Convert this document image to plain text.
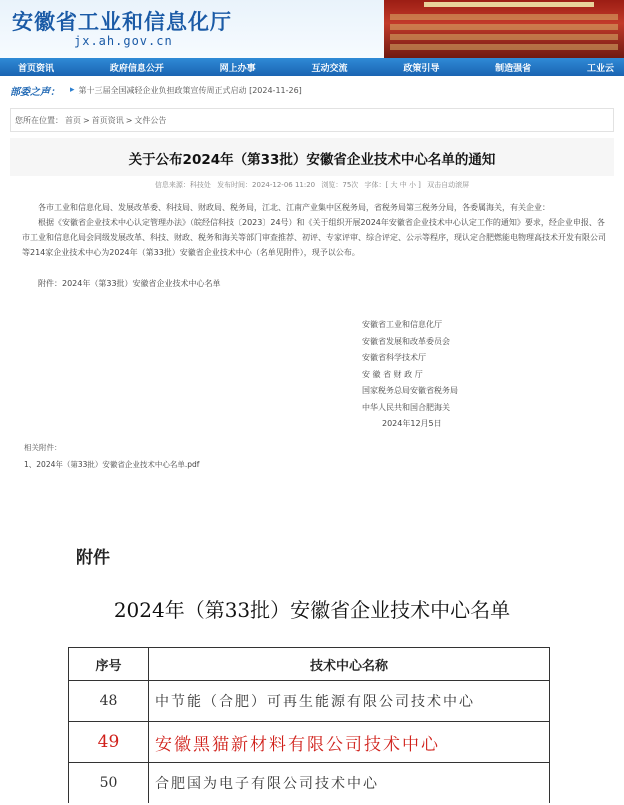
安徽省工业和信息化厅
jx.ah.gov.cn
首页资讯	政府信息公开	网上办事	互动交流	政策引导	制造强省	工业云
部委之声： ▸ 第十三届全国减轻企业负担政策宣传周正式启动 [2024-11-26]
您所在位置： 首页 > 首页资讯 > 文件公告
关于公布2024年（第33批）安徽省企业技术中心名单的通知
信息来源：科技处 发布时间：2024-12-06 11:20 浏览：75次 字体：[ 大 中 小 ] 双击自动滚屏

各市工业和信息化局、发展改革委、科技局、财政局、税务局，江北、江南产业集中区税务局，省税务局第三税务分局，各委属海关，有关企业：

根据《安徽省企业技术中心认定管理办法》（皖经信科技〔2023〕24号）和《关于组织开展2024年安徽省企业技术中心认定工作的通知》要求，经企业申报、各市工业和信息化局会同级发展改革、科技、财政、税务和海关等部门审查推荐、初评、专家评审、综合评定、公示等程序，现认定合肥燃能电物理高技术开发有限公司等214家企业技术中心为2024年（第33批）安徽省企业技术中心（名单见附件），现予以公布。

附件：2024年（第33批）安徽省企业技术中心名单

安徽省工业和信息化厅
安徽省发展和改革委员会
安徽省科学技术厅
安 徽 省 财 政 厅
国家税务总局安徽省税务局
中华人民共和国合肥海关
2024年12月5日
相关附件：
1、2024年（第33批）安徽省企业技术中心名单.pdf
附件
2024年（第33批）安徽省企业技术中心名单
序号	技术中心名称
48	中节能（合肥）可再生能源有限公司技术中心
49	安徽黑猫新材料有限公司技术中心
50	合肥国为电子有限公司技术中心
